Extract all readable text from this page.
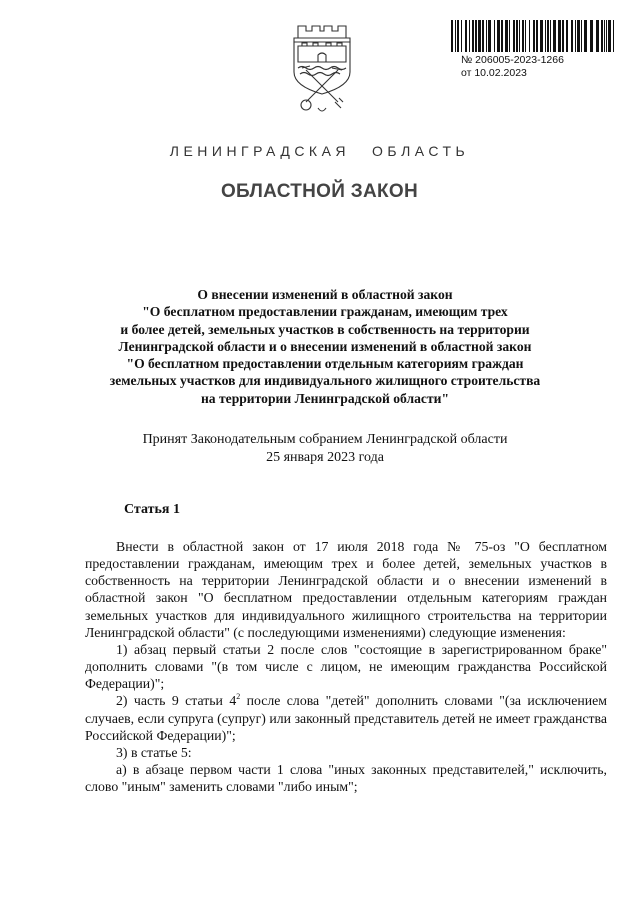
№ 206005-2023-1266
от 10.02.2023
ЛЕНИНГРАДСКАЯ ОБЛАСТЬ
ОБЛАСТНОЙ ЗАКОН
О внесении изменений в областной закон
"О бесплатном предоставлении гражданам, имеющим трех
и более детей, земельных участков в собственность на территории
Ленинградской области и о внесении изменений в областной закон
"О бесплатном предоставлении отдельным категориям граждан
земельных участков для индивидуального жилищного строительства
на территории Ленинградской области"
Принят Законодательным собранием Ленинградской области
25 января 2023 года
Статья 1

Внести в областной закон от 17 июля 2018 года № 75-оз "О бесплатном предоставлении гражданам, имеющим трех и более детей, земельных участков в собственность на территории Ленинградской области и о внесении изменений в областной закон "О бесплатном предоставлении отдельным категориям граждан земельных участков для индивидуального жилищного строительства на территории Ленинградской области" (с последующими изменениями) следующие изменения:

1) абзац первый статьи 2 после слов "состоящие в зарегистрированном браке" дополнить словами "(в том числе с лицом, не имеющим гражданства Российской Федерации)";

2) часть 9 статьи $4^2$ после слова "детей" дополнить словами "(за исключением случаев, если супруга (супруг) или законный представитель детей не имеет гражданства Российской Федерации)";

3) в статье 5:

а) в абзаце первом части 1 слова "иных законных представителей," исключить, слово "иным" заменить словами "либо иным";
